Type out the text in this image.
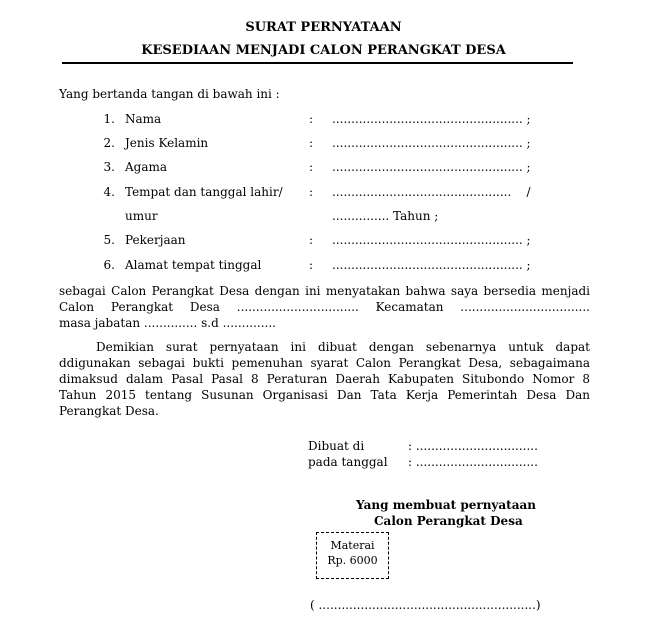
SURAT PERNYATAAN
KESEDIAAN MENJADI CALON PERANGKAT DESA
Yang bertanda tangan di bawah ini :
1. Nama	: .................................................. ;
2. Jenis Kelamin	: .................................................. ;
3. Agama	: .................................................. ;
4. Tempat dan tanggal lahir/ : ...............................................    /
umur	............... Tahun ;
5. Pekerjaan	: .................................................. ;
6. Alamat tempat tinggal	: .................................................. ;
sebagai Calon Perangkat Desa dengan ini menyatakan bahwa saya bersedia menjadi
Calon Perangkat Desa ................................ Kecamatan ..................................
masa jabatan .............. s.d ..............
Demikian surat pernyataan ini dibuat dengan sebenarnya untuk dapat
ddigunakan sebagai bukti pemenuhan syarat Calon Perangkat Desa, sebagaimana
dimaksud dalam Pasal Pasal 8 Peraturan Daerah Kabupaten Situbondo Nomor 8
Tahun 2015 tentang Susunan Organisasi Dan Tata Kerja Pemerintah Desa Dan
Perangkat Desa.
Dibuat di	: ................................
pada tanggal : ................................
Yang membuat pernyataan
Calon Perangkat Desa
Materai
Rp. 6000
( .........................................................)
